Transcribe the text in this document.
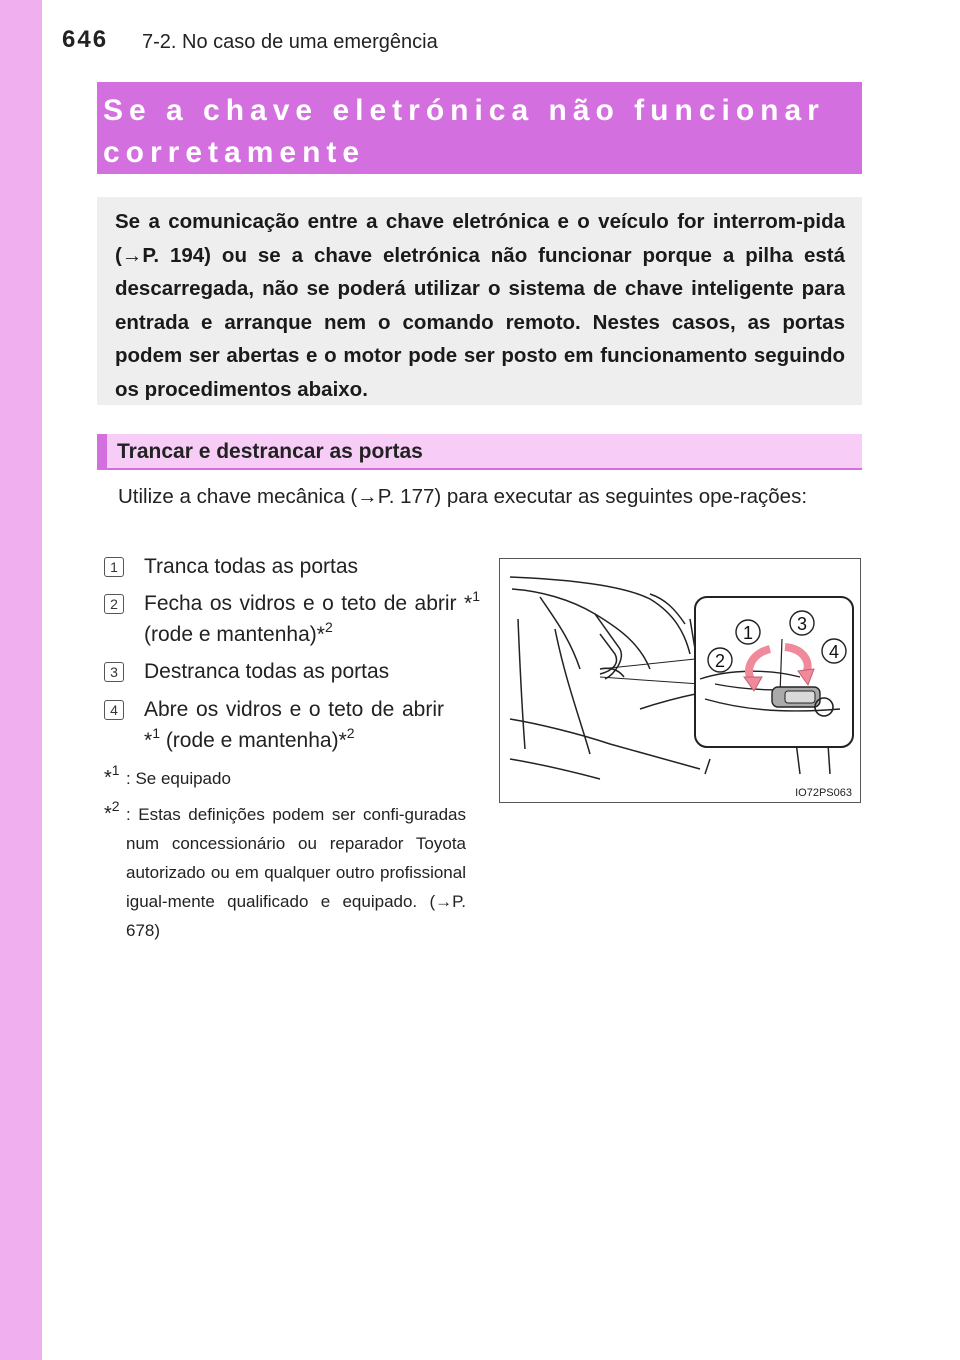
646 7-2. No caso de uma emergência
Se a chave eletrónica não funcionar
corretamente
Se a comunicação entre a chave eletrónica e o veículo for interrom-pida (→P. 194) ou se a chave eletrónica não funcionar porque a pilha está descarregada, não se poderá utilizar o sistema de chave inteligente para entrada e arranque nem o comando remoto. Nestes casos, as portas podem ser abertas e o motor pode ser posto em funcionamento seguindo os procedimentos abaixo.
Trancar e destrancar as portas
Utilize a chave mecânica (→P. 177) para executar as seguintes ope-rações:
1 Tranca todas as portas
2 Fecha os vidros e o teto de abrir *$^1$ (rode e mantenha)*$^2$
3 Destranca todas as portas
4 Abre os vidros e o teto de abrir *$^1$ (rode e mantenha)*$^2$
*$^1$ : Se equipado
*$^2$ : Estas definições podem ser confi-guradas num concessionário ou reparador Toyota autorizado ou em qualquer outro profissional igual-mente qualificado e equipado. (→P. 678)
1
2
3
4
IO72PS063
